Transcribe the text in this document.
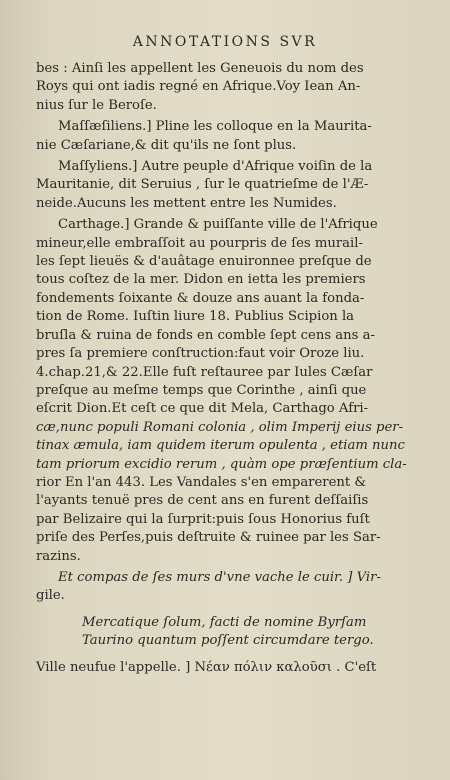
ANNOTATIONS SVR
bes : Ainſi les appellent les Geneuois du nom des
Roys qui ont iadis regné en Afrique.Voy Iean An-
nius ſur le Beroſe.
Maſſæſiliens.] Pline les colloque en la Maurita-
nie Cæſariane,& dit qu'ils ne ſont plus.
Maſſyliens.] Autre peuple d'Afrique voiſin de la
Mauritanie, dit Seruius , ſur le quatrieſme de l'Æ-
neide.Aucuns les mettent entre les Numides.
Carthage.] Grande & puiſſante ville de l'Afrique
mineur,elle embraſſoit au pourpris de ſes murail-
les ſept lieuës & d'auâtage enuironnee preſque de
tous coſtez de la mer. Didon en ietta les premiers
fondements ſoixante & douze ans auant la fonda-
tion de Rome. Iuſtin liure 18. Publius Scipion la
bruſla & ruina de fonds en comble ſept cens ans a-
pres ſa premiere conſtruction:faut voir Oroze liu.
4.chap.21,& 22.Elle fuſt reſtauree par Iules Cæſar
preſque au meſme temps que Corinthe , ainſi que
eſcrit Dion.Et ceſt ce que dit Mela, Carthago Afri-
cæ,nunc populi Romani colonia , olim Imperij eius per-
tinax æmula, iam quidem iterum opulenta , etiam nunc
tam priorum excidio rerum , quàm ope præſentium cla-
rior En l'an 443. Les Vandales s'en emparerent &
l'ayants tenuë pres de cent ans en furent deſſaiſis
par Belizaire qui la ſurprit:puis ſous Honorius fuſt
priſe des Perſes,puis deſtruite & ruinee par les Sar-
razins.
Et compas de ſes murs d'vne vache le cuir. ] Vir-
gile.
Mercatique ſolum, facti de nomine Byrſam
Taurino quantum poſſent circumdare tergo.
Ville neufue l'appelle. ] Νέαν πόλιν καλοῦσι . C'eſt
